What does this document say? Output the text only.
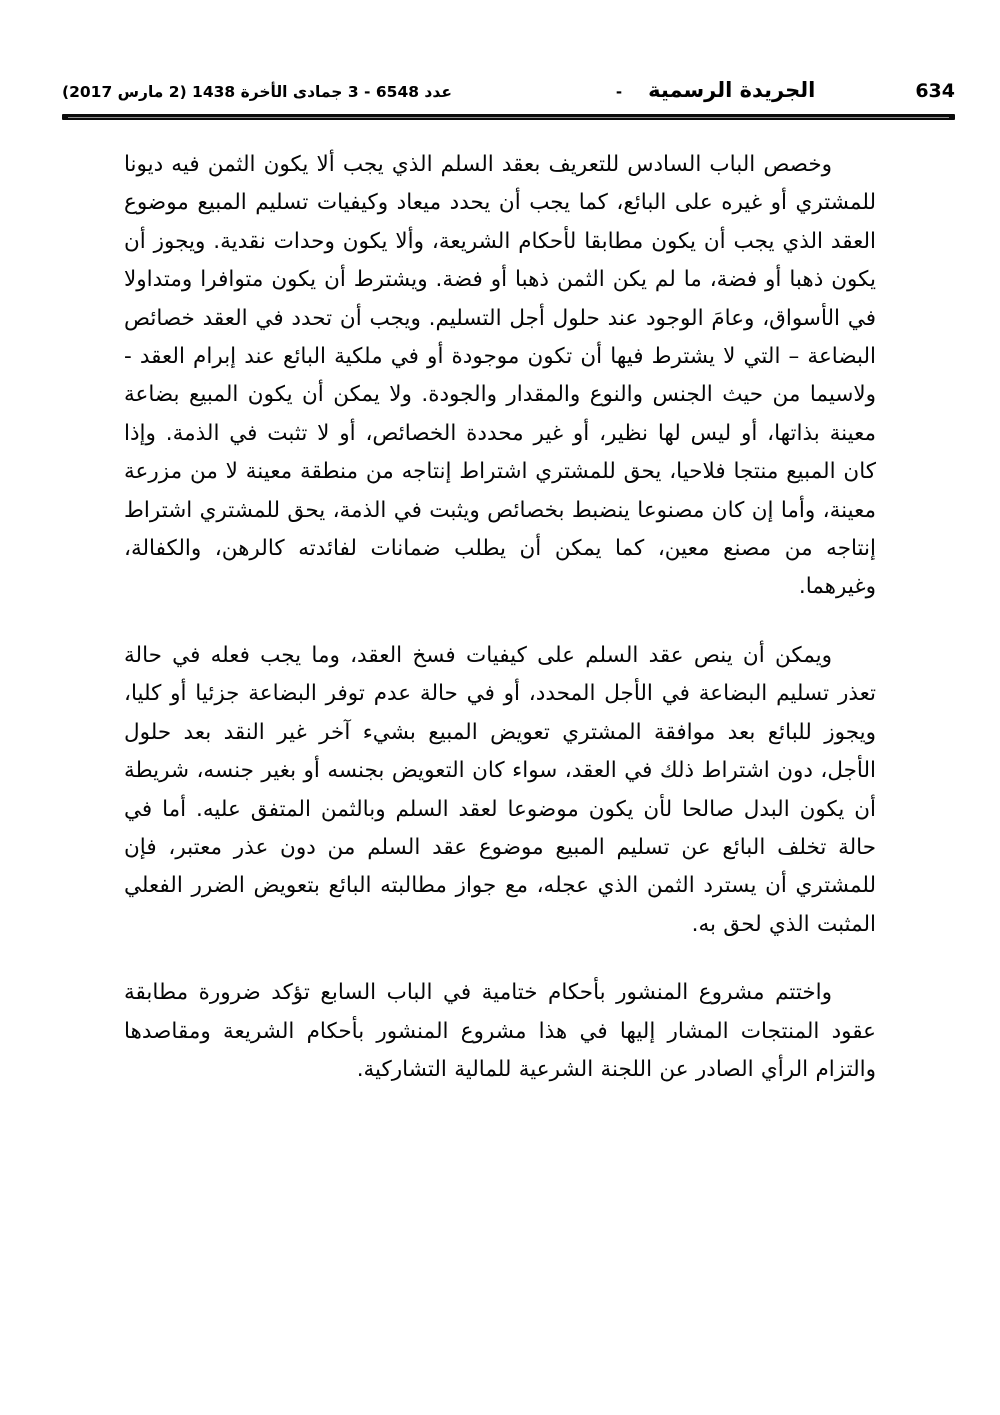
634
الجريدة الرسمية
-
عدد 6548 - 3 جمادى الأخرة 1438 (2 مارس 2017)

وخصص الباب السادس للتعريف بعقد السلم الذي يجب ألا يكون الثمن فيه ديونا للمشتري أو غيره على البائع، كما يجب أن يحدد ميعاد وكيفيات تسليم المبيع موضوع العقد الذي يجب أن يكون مطابقا لأحكام الشريعة، وألا يكون وحدات نقدية. ويجوز أن يكون ذهبا أو فضة، ما لم يكن الثمن ذهبا أو فضة. ويشترط أن يكون متوافرا ومتداولا في الأسواق، وعامَ الوجود عند حلول أجل التسليم. ويجب أن تحدد في العقد خصائص البضاعة – التي لا يشترط فيها أن تكون موجودة أو في ملكية البائع عند إبرام العقد - ولاسيما من حيث الجنس والنوع والمقدار والجودة. ولا يمكن أن يكون المبيع بضاعة معينة بذاتها، أو ليس لها نظير، أو غير محددة الخصائص، أو لا تثبت في الذمة. وإذا كان المبيع منتجا فلاحيا، يحق للمشتري اشتراط إنتاجه من منطقة معينة لا من مزرعة معينة، وأما إن كان مصنوعا ينضبط بخصائص ويثبت في الذمة، يحق للمشتري اشتراط إنتاجه من مصنع معين، كما يمكن أن يطلب ضمانات لفائدته كالرهن، والكفالة، وغيرهما.

ويمكن أن ينص عقد السلم على كيفيات فسخ العقد، وما يجب فعله في حالة تعذر تسليم البضاعة في الأجل المحدد، أو في حالة عدم توفر البضاعة جزئيا أو كليا، ويجوز للبائع بعد موافقة المشتري تعويض المبيع بشيء آخر غير النقد بعد حلول الأجل، دون اشتراط ذلك في العقد، سواء كان التعويض بجنسه أو بغير جنسه، شريطة أن يكون البدل صالحا لأن يكون موضوعا لعقد السلم وبالثمن المتفق عليه. أما في حالة تخلف البائع عن تسليم المبيع موضوع عقد السلم من دون عذر معتبر، فإن للمشتري أن يسترد الثمن الذي عجله، مع جواز مطالبته البائع بتعويض الضرر الفعلي المثبت الذي لحق به.

واختتم مشروع المنشور بأحكام ختامية في الباب السابع تؤكد ضرورة مطابقة عقود المنتجات المشار إليها في هذا مشروع المنشور بأحكام الشريعة ومقاصدها والتزام الرأي الصادر عن اللجنة الشرعية للمالية التشاركية.
